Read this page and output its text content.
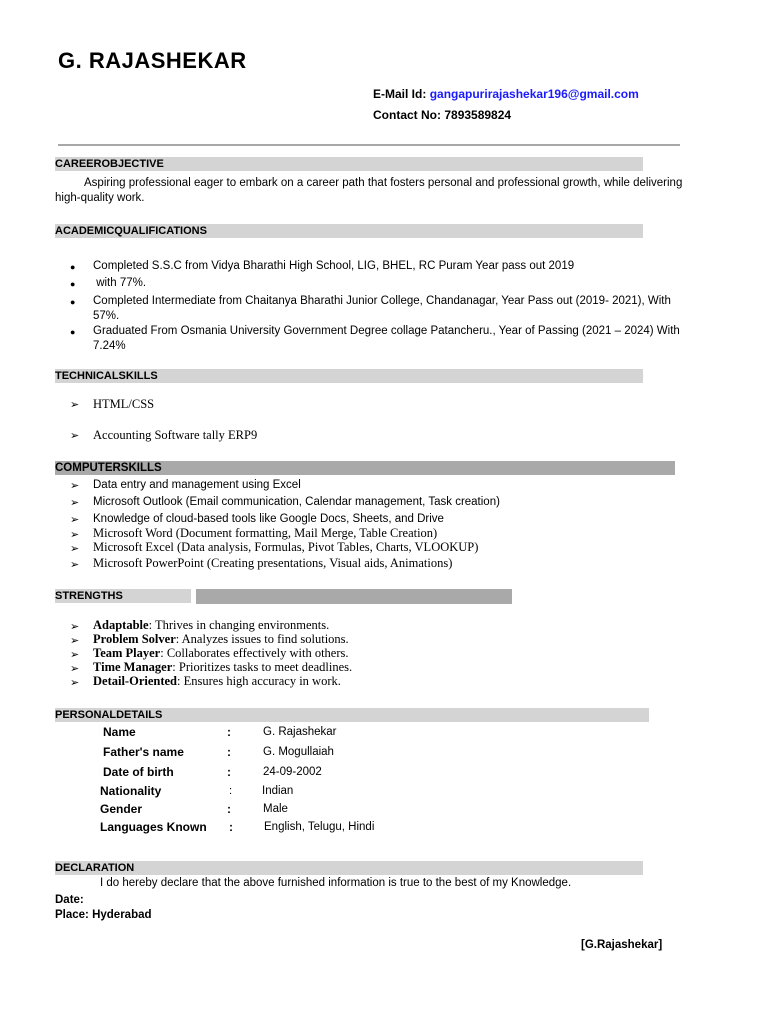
G. RAJASHEKAR
E-Mail Id: gangapurirajashekar196@gmail.com
Contact No: 7893589824
CAREEROBJECTIVE
Aspiring professional eager to embark on a career path that fosters personal and professional growth, while delivering
high-quality work.
ACADEMICQUALIFICATIONS
● Completed S.S.C from Vidya Bharathi High School, LIG, BHEL, RC Puram Year pass out 2019
● with 77%.
● Completed Intermediate from Chaitanya Bharathi Junior College, Chandanagar, Year Pass out (2019- 2021), With
57%.
● Graduated From Osmania University Government Degree collage Patancheru., Year of Passing (2021 – 2024) With
7.24%
TECHNICALSKILLS
➢ HTML/CSS
➢ Accounting Software tally ERP9
COMPUTERSKILLS
➢ Data entry and management using Excel
➢ Microsoft Outlook (Email communication, Calendar management, Task creation)
➢ Knowledge of cloud-based tools like Google Docs, Sheets, and Drive
➢ Microsoft Word (Document formatting, Mail Merge, Table Creation)
➢ Microsoft Excel (Data analysis, Formulas, Pivot Tables, Charts, VLOOKUP)
➢ Microsoft PowerPoint (Creating presentations, Visual aids, Animations)
STRENGTHS
➢ Adaptable: Thrives in changing environments.
➢ Problem Solver: Analyzes issues to find solutions.
➢ Team Player: Collaborates effectively with others.
➢ Time Manager: Prioritizes tasks to meet deadlines.
➢ Detail-Oriented: Ensures high accuracy in work.
PERSONALDETAILS
Name	:	G. Rajashekar
Father's name	:	G. Mogullaiah
Date of birth	:	24-09-2002
Nationality	:	Indian
Gender	:	Male
Languages Known :	English, Telugu, Hindi
DECLARATION
I do hereby declare that the above furnished information is true to the best of my Knowledge.
Date:
Place: Hyderabad
[G.Rajashekar]
